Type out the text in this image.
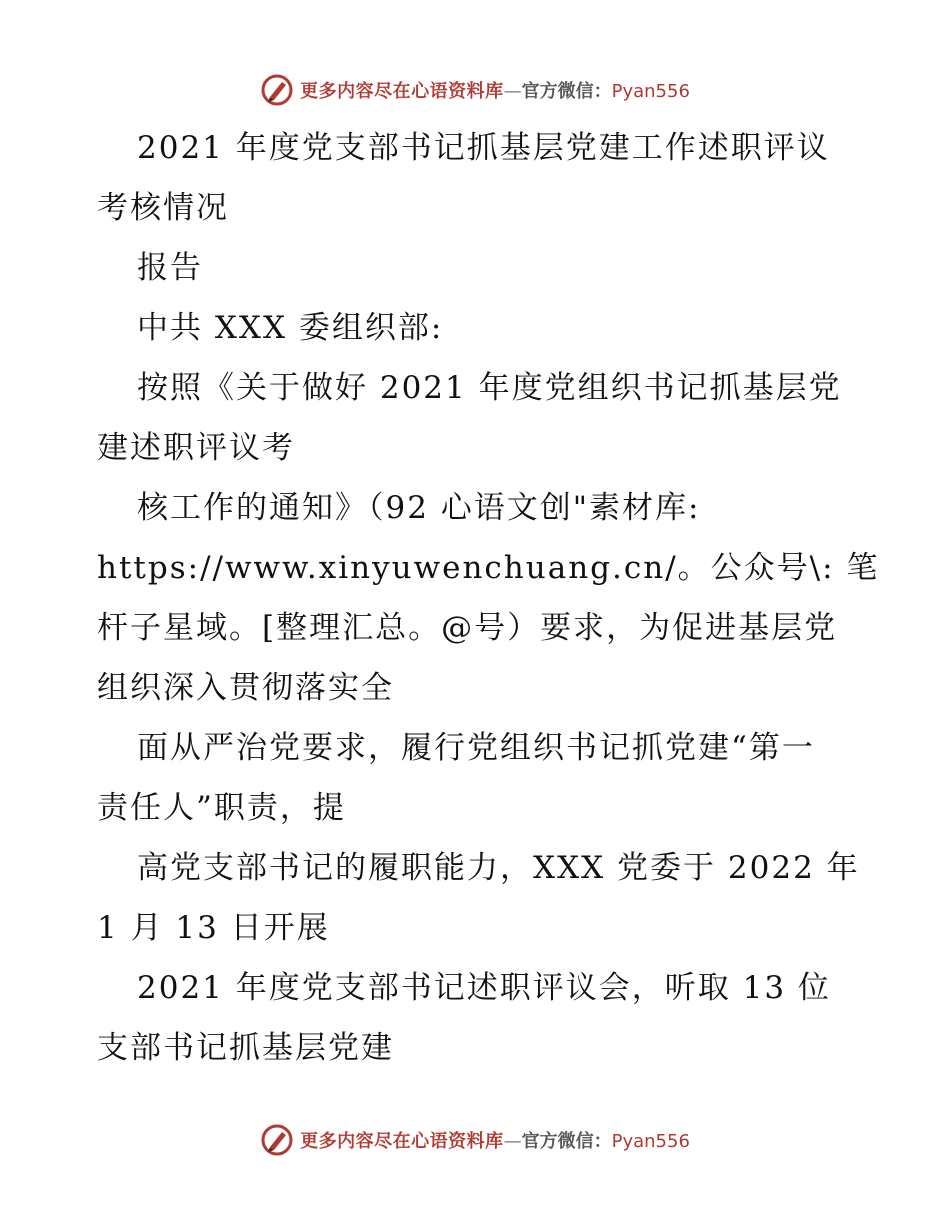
更多内容尽在心语资料库—官方微信：Pyan556
2021 年度党支部书记抓基层党建工作述职评议
考核情况
报告
中共 XXX 委组织部:
按照《关于做好 2021 年度党组织书记抓基层党
建述职评议考
核工作的通知》（92 心语文创"素材库:
https://www.xinyuwenchuang.cn/。公众号\: 笔
杆子星域。[整理汇总。@号）要求，为促进基层党
组织深入贯彻落实全
面从严治党要求，履行党组织书记抓党建“第一
责任人”职责，提
高党支部书记的履职能力，XXX 党委于 2022 年
1 月 13 日开展
2021 年度党支部书记述职评议会，听取 13 位
支部书记抓基层党建
更多内容尽在心语资料库—官方微信：Pyan556
